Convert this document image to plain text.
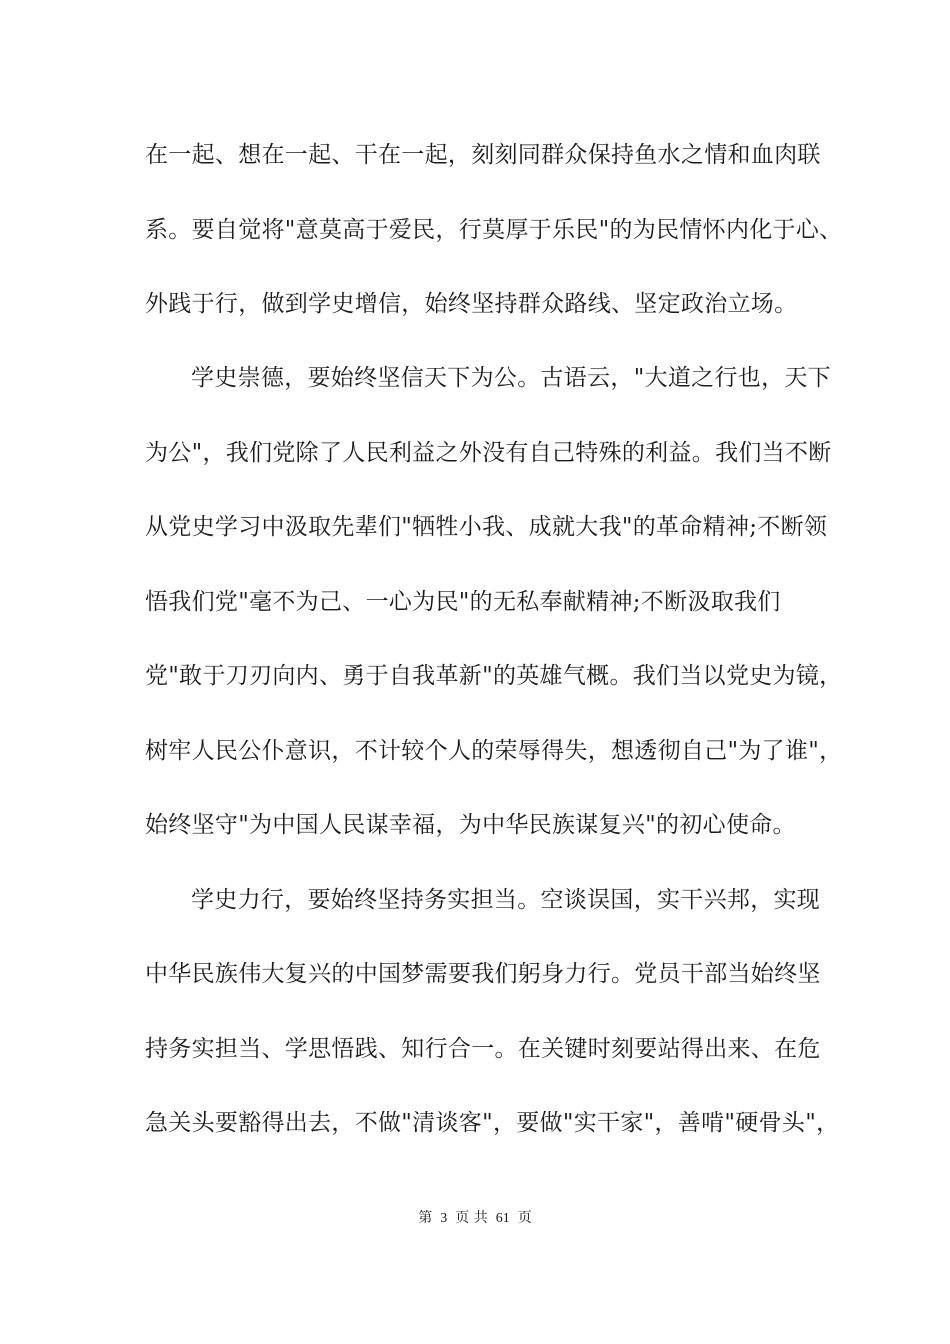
在一起、想在一起、干在一起，刻刻同群众保持鱼水之情和血肉联
系。要自觉将"意莫高于爱民，行莫厚于乐民"的为民情怀内化于心、
外践于行，做到学史增信，始终坚持群众路线、坚定政治立场。
学史崇德，要始终坚信天下为公。古语云，"大道之行也，天下
为公"，我们党除了人民利益之外没有自己特殊的利益。我们当不断
从党史学习中汲取先辈们"牺牲小我、成就大我"的革命精神;不断领
悟我们党"毫不为己、一心为民"的无私奉献精神;不断汲取我们
党"敢于刀刃向内、勇于自我革新"的英雄气概。我们当以党史为镜，
树牢人民公仆意识，不计较个人的荣辱得失，想透彻自己"为了谁"，
始终坚守"为中国人民谋幸福，为中华民族谋复兴"的初心使命。
学史力行，要始终坚持务实担当。空谈误国，实干兴邦，实现
中华民族伟大复兴的中国梦需要我们躬身力行。党员干部当始终坚
持务实担当、学思悟践、知行合一。在关键时刻要站得出来、在危
急关头要豁得出去，不做"清谈客"，要做"实干家"，善啃"硬骨头"，
第 3 页 共 61 页
